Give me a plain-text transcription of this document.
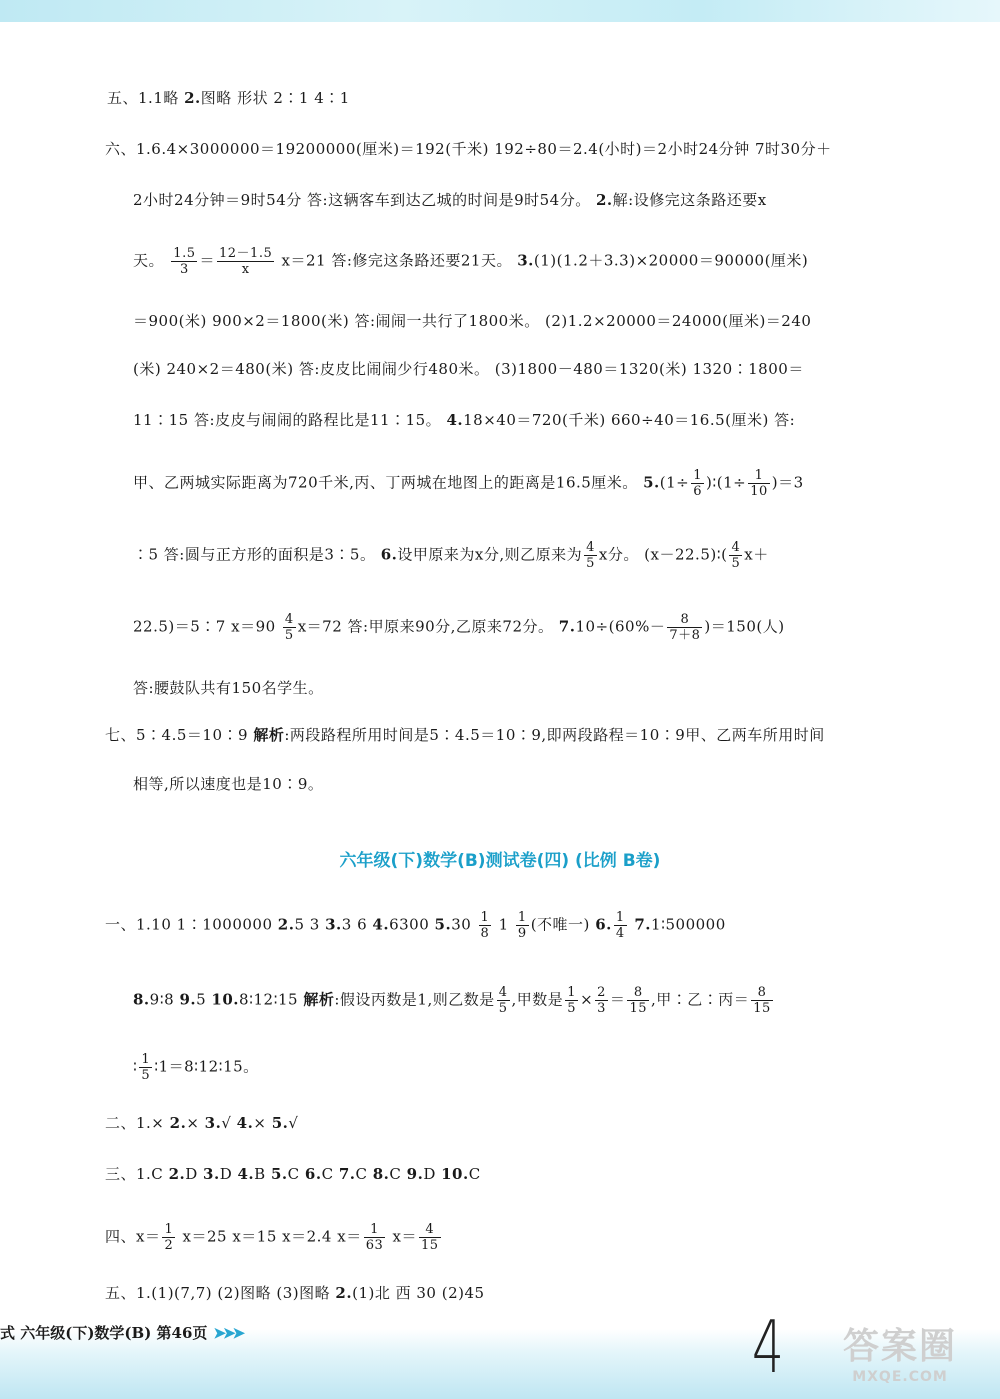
五、1.1略 2.图略 形状 2∶1 4∶1
六、1.6.4×3000000＝19200000(厘米)＝192(千米) 192÷80＝2.4(小时)＝2小时24分钟 7时30分＋
2小时24分钟＝9时54分 答:这辆客车到达乙城的时间是9时54分。 2.解:设修完这条路还要x
天。 $\frac{1.5}{3} = \frac{12-1.5}{x} x=21$ 答:修完这条路还要21天。 3.(1)(1.2＋3.3)×20000＝90000(厘米)
＝900(米) 900×2＝1800(米) 答:闹闹一共行了1800米。 (2)1.2×20000＝24000(厘米)＝240
(米) 240×2＝480(米) 答:皮皮比闹闹少行480米。 (3)1800－480＝1320(米) 1320∶1800＝
11∶15 答:皮皮与闹闹的路程比是11∶15。 4.18×40＝720(千米) 660÷40＝16.5(厘米) 答:
甲、乙两城实际距离为720千米,丙、丁两城在地图上的距离是16.5厘米。 $5.(1\div \frac{1}{6}$ )∶(1÷ $\frac{1}{10} )=3$
∶5 答:圆与正方形的面积是3∶5。 6.设甲原来为x分,则乙原来为 $\frac{4}{5}$ x分。 (x－22.5)∶( $\frac{4}{5} x+$
22.5)＝5∶7 $x=90 \frac{4}{5} x=72$ 答:甲原来90分,乙原来72分。 $7.10\div(60\%- \frac{8}{7+8} )=150$(人)
答:腰鼓队共有150名学生。
七、5∶4.5＝10∶9 解析:两段路程所用时间是5∶4.5＝10∶9,即两段路程＝10∶9甲、乙两车所用时间
相等,所以速度也是10∶9。
六年级(下)数学(B)测试卷(四) (比例 B卷)
一、1.10 1∶1000000 2.5 3 3.3 6 4.6300 $5.30 \frac{1}{8} 1 \frac{1}{9}$ (不唯一) 6. $\frac{1}{4}$ 7.1∶500000
8.9∶8 9.5 10.8∶12∶15 解析:假设丙数是1,则乙数是 $\frac{4}{5}$ ,甲数是 $\frac{1}{5} \times \frac{2}{3} = \frac{8}{15}$ ,甲∶乙∶丙＝ $\frac{8}{15}$
∶ $\frac{1}{5}$ ∶1＝8∶12∶15。
二、1.× 2.× 3.√ 4.× 5.√
三、1.C 2.D 3.D 4.B 5.C 6.C 7.C 8.C 9.D 10.C
四、$x= \frac{1}{2} x=25$ x＝15 x＝2.4 $x= \frac{1}{63} x= \frac{4}{15}$
五、1.(1)(7,7) (2)图略 (3)图略 2.(1)北 西 30 (2)45
式 六年级(下)数学(B) 第46页 ➤➤➤	4	答案圈
MXQE.COM
